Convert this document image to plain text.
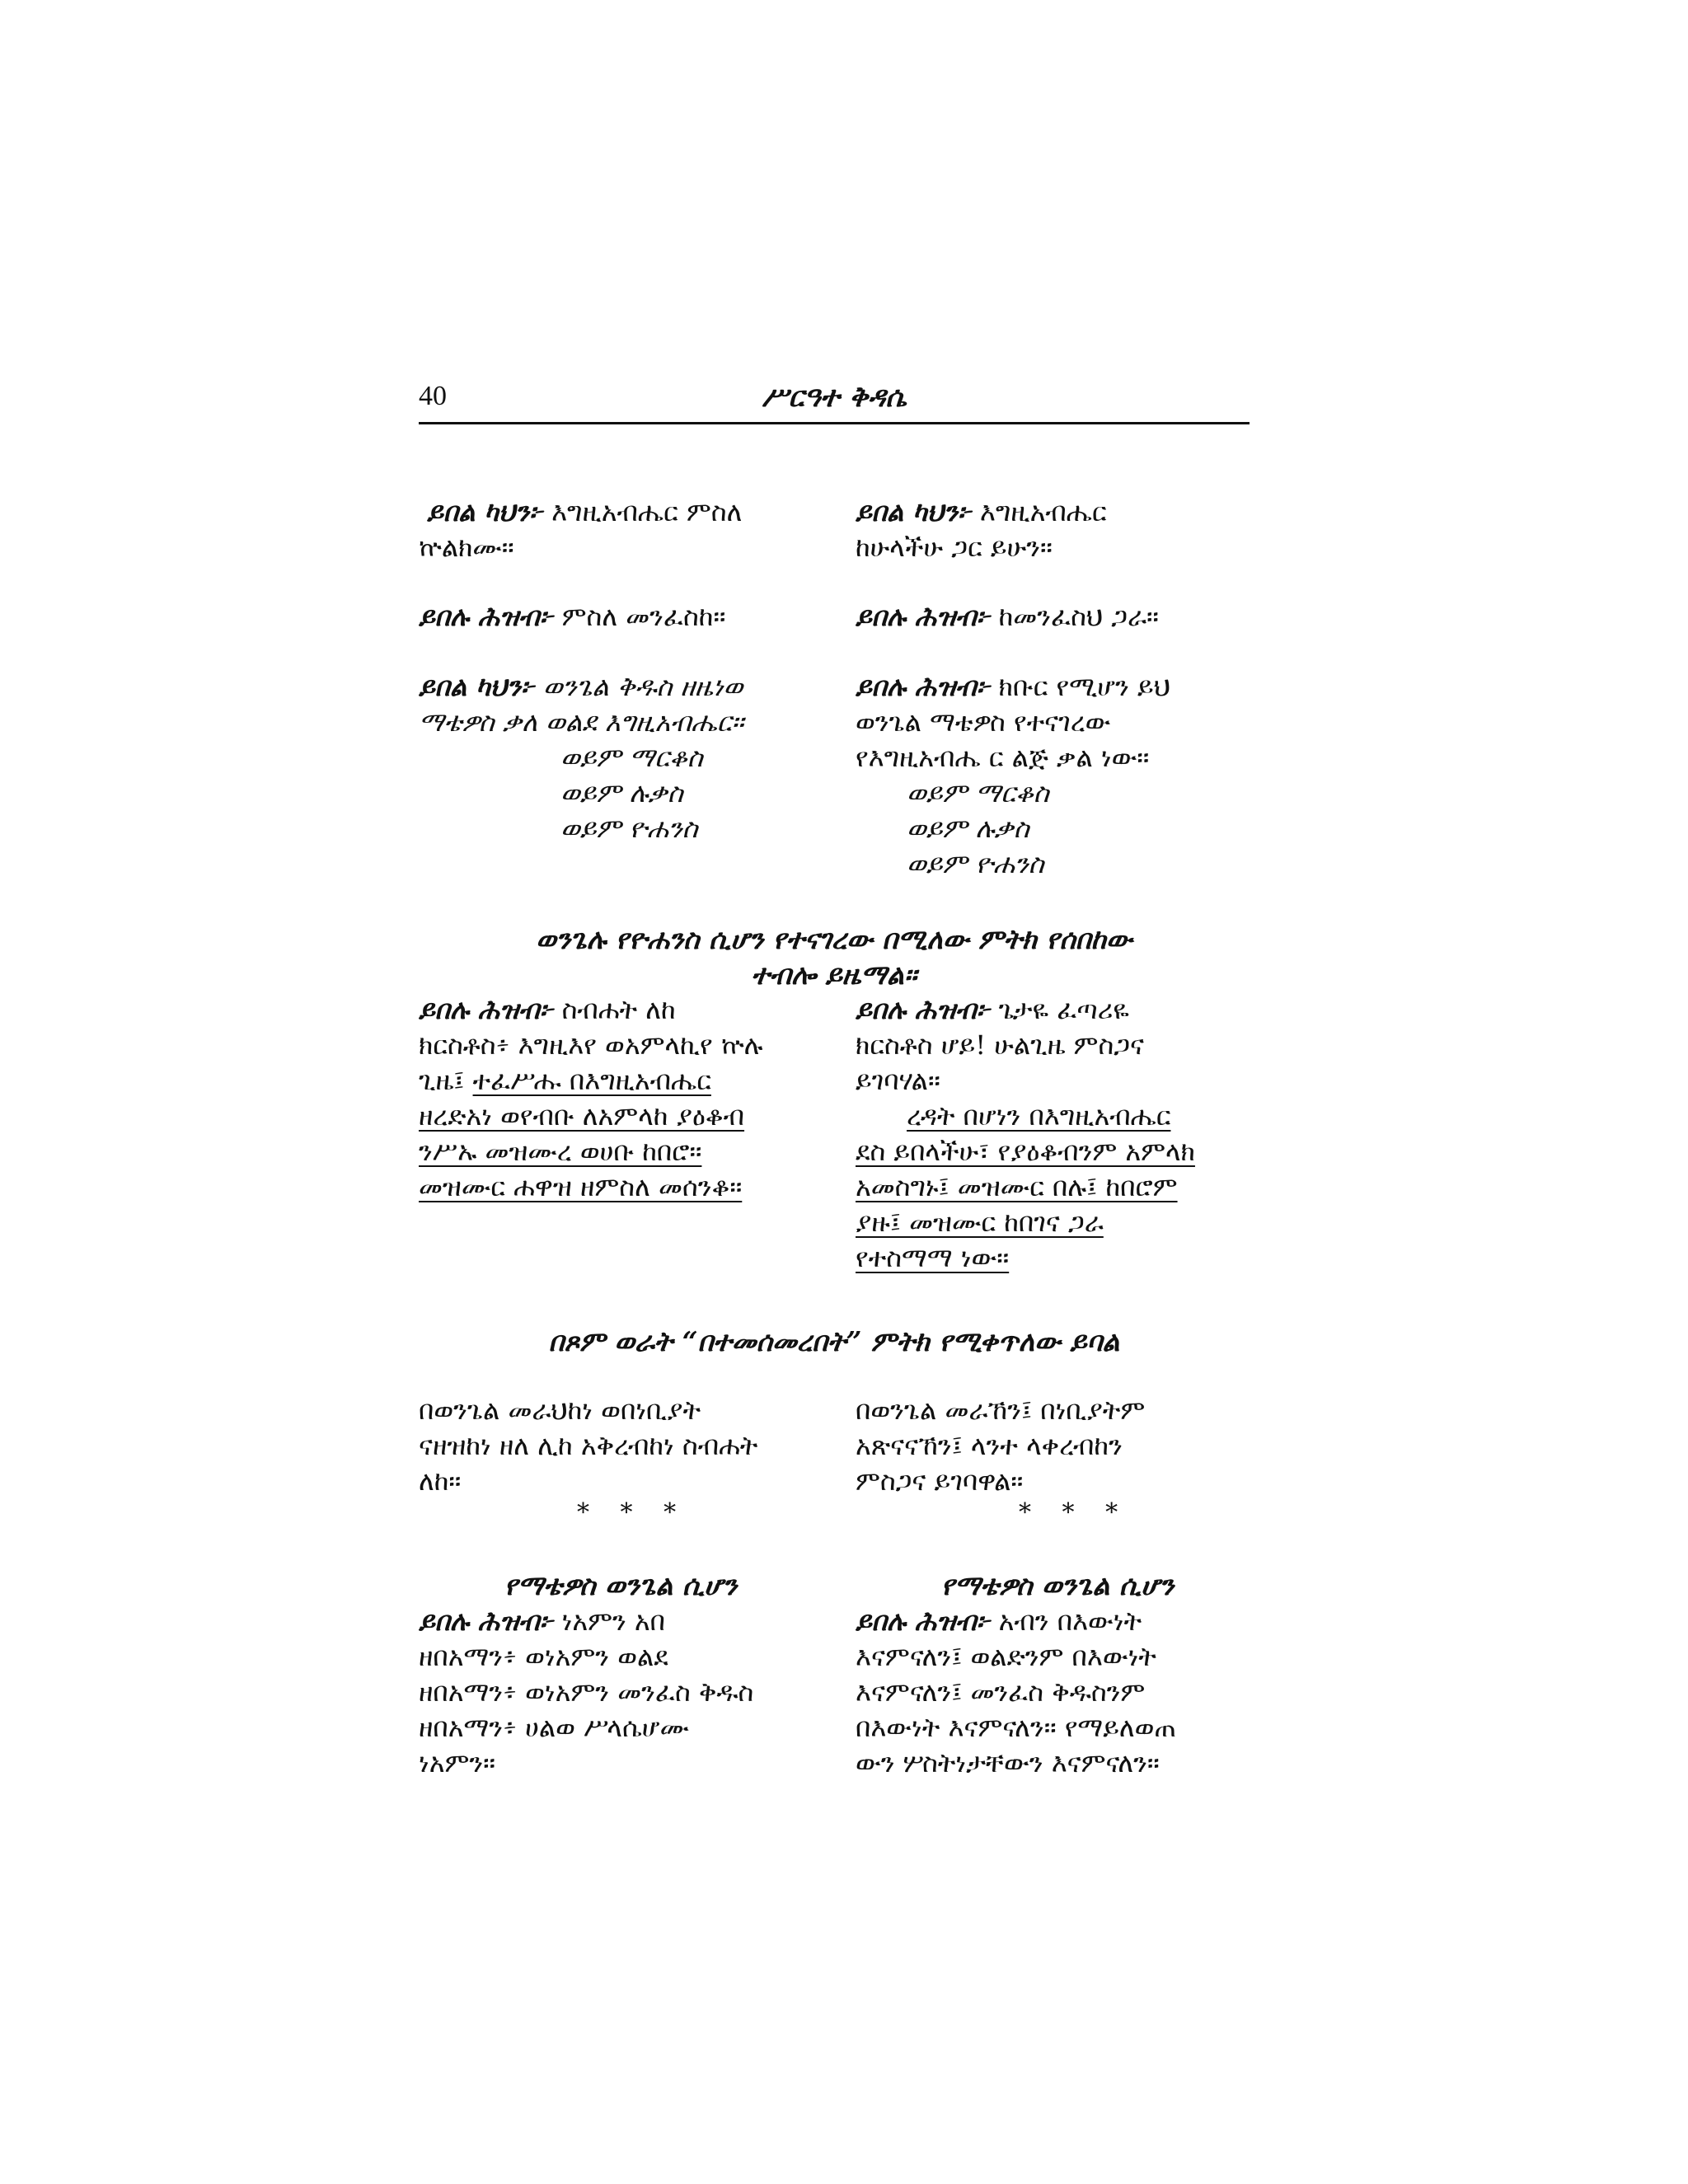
40	ሥርዓተ ቅዳሴ
ይበል ካህን፦ እግዚአብሔር ምስለ
ኵልክሙ።
ይበል ካህን፦ እግዚአብሔር
ከሁላችሁ ጋር ይሁን።
ይበሉ ሕዝብ፦ ምስለ መንፈስከ።	ይበሉ ሕዝብ፦ ከመንፈስህ ጋራ።
ይበል ካህን፦ ወንጌል ቅዱስ ዘዜነወ
ማቴዎስ ቃለ ወልደ እግዚአብሔር።
ወይም ማርቆስ
ወይም ሉቃስ
ወይም ዮሐንስ
ይበሉ ሕዝብ፦ ክቡር የሚሆን ይህ
ወንጌል ማቴዎስ የተናገረው
የእግዚአብሔ ር ልጅ ቃል ነው።
ወይም ማርቆስ
ወይም ሉቃስ
ወይም ዮሐንስ
ወንጌሉ የዮሐንስ ሲሆን የተናገረው በሚለው ምትክ የሰበከው
ተብሎ ይዜማል።
ይበሉ ሕዝብ፦ ስብሐት ለከ
ክርስቶስ፥ እግዚእየ ወአምላኪየ ኵሉ
ጊዜ፤ ተፈሥሑ በእግዚአብሔር
ዘረድአነ ወየብቡ ለአምላከ ያዕቆብ
ንሥኡ መዝሙረ ወሀቡ ከበሮ።
መዝሙር ሐዋዝ ዘምስለ መሰንቆ።
ይበሉ ሕዝብ፦ ጌታዬ ፈጣሪዬ
ክርስቶስ ሆይ! ሁልጊዜ ምስጋና
ይገባሃል።
ረዳት በሆነን በእግዚአብሔር
ደስ ይበላችሁ፣ የያዕቆብንም አምላክ
አመስግኑ፤ መዝሙር በሉ፤ ከበሮም
ያዙ፤ መዝሙር ከበገና ጋራ
የተስማማ ነው።
በጾም ወራት “በተመሰመረበት” ምትክ የሚቀጥለው ይባል
በወንጌል መራህከነ ወበነቢያት
ናዘዝከነ ዘለ ሊከ አቅረብከነ ስብሐት
ለከ።
* * *
በወንጌል መራኸን፤ በነቢያትም
አጽናናኸን፤ ላንተ ላቀረብከን
ምስጋና ይገባዋል።
* * *
የማቴዎስ ወንጌል ሲሆን
ይበሉ ሕዝብ፦ ነአምን አበ
ዘበአማን፥ ወነአምን ወልደ
ዘበአማን፥ ወነአምን መንፈስ ቅዱስ
ዘበአማን፥ ሀልወ ሥላሴሆሙ
ነአምን።
የማቴዎስ ወንጌል ሲሆን
ይበሉ ሕዝብ፦ አብን በእውነት
እናምናለን፤ ወልድንም በእውነት
እናምናለን፤ መንፈስ ቅዱስንም
በእውነት እናምናለን። የማይለወጠ
ውን ሦስትነታቸውን እናምናለን።
